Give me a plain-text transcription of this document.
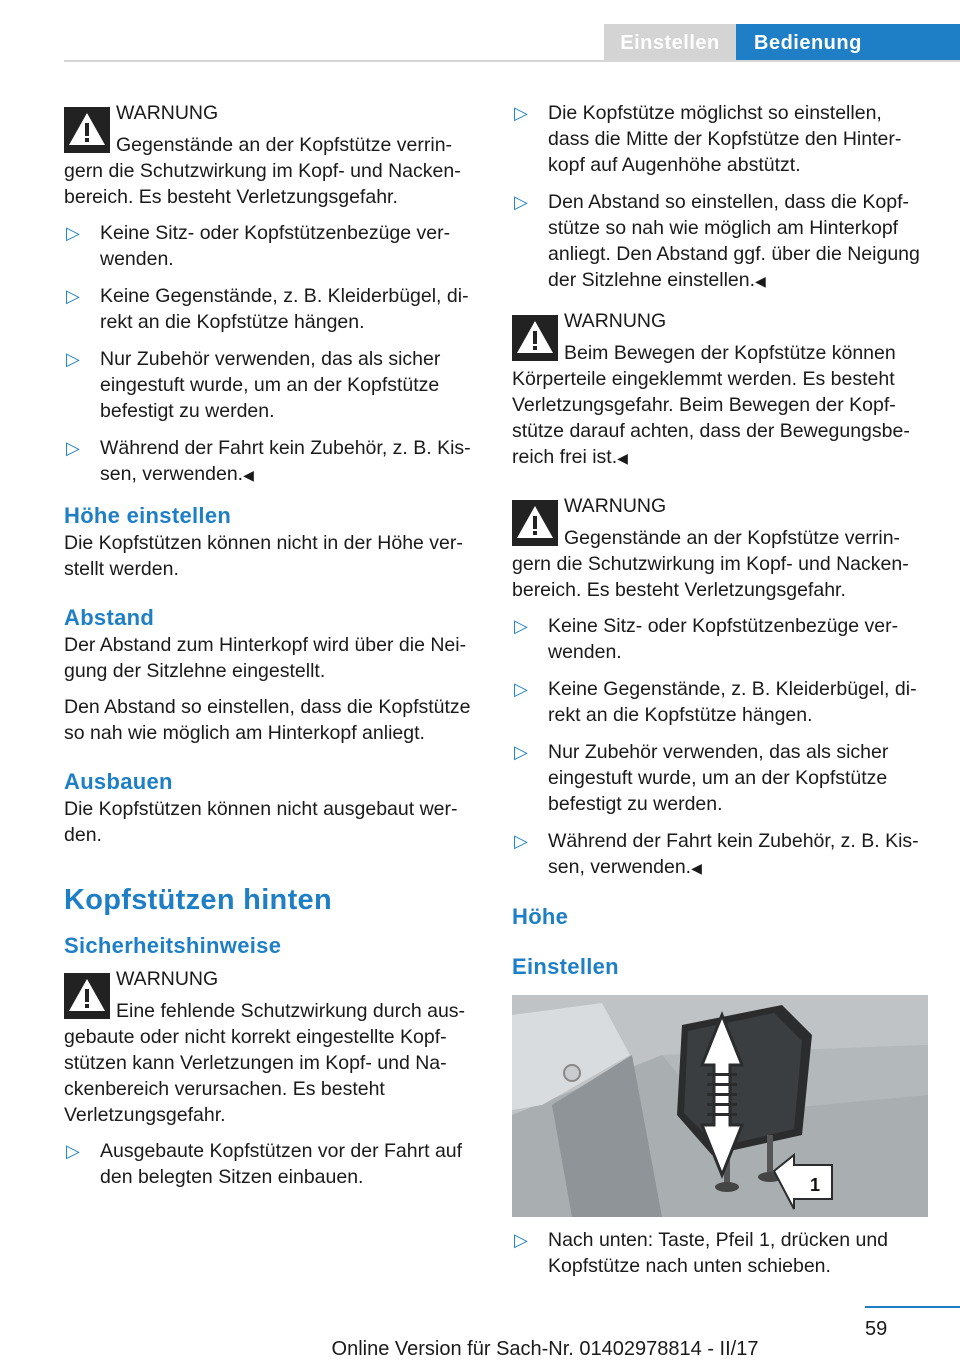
Einstellen	Bedienung
WARNUNG
Gegenstände an der Kopfstütze verringern die Schutzwirkung im Kopf- und Nackenbereich. Es besteht Verletzungsgefahr.
▷ Keine Sitz- oder Kopfstützenbezüge verwenden.
▷ Keine Gegenstände, z. B. Kleiderbügel, direkt an die Kopfstütze hängen.
▷ Nur Zubehör verwenden, das als sicher eingestuft wurde, um an der Kopfstütze befestigt zu werden.
▷ Während der Fahrt kein Zubehör, z. B. Kissen, verwenden.◀
Höhe einstellen
Die Kopfstützen können nicht in der Höhe verstellt werden.
Abstand
Der Abstand zum Hinterkopf wird über die Neigung der Sitzlehne eingestellt.
Den Abstand so einstellen, dass die Kopfstütze so nah wie möglich am Hinterkopf anliegt.
Ausbauen
Die Kopfstützen können nicht ausgebaut werden.
Kopfstützen hinten
Sicherheitshinweise
WARNUNG
Eine fehlende Schutzwirkung durch ausgebaute oder nicht korrekt eingestellte Kopfstützen kann Verletzungen im Kopf- und Nackenbereich verursachen. Es besteht Verletzungsgefahr.
▷ Ausgebaute Kopfstützen vor der Fahrt auf den belegten Sitzen einbauen.
▷ Die Kopfstütze möglichst so einstellen, dass die Mitte der Kopfstütze den Hinterkopf auf Augenhöhe abstützt.
▷ Den Abstand so einstellen, dass die Kopfstütze so nah wie möglich am Hinterkopf anliegt. Den Abstand ggf. über die Neigung der Sitzlehne einstellen.◀
WARNUNG
Beim Bewegen der Kopfstütze können Körperteile eingeklemmt werden. Es besteht Verletzungsgefahr. Beim Bewegen der Kopfstütze darauf achten, dass der Bewegungsbereich frei ist.◀
WARNUNG
Gegenstände an der Kopfstütze verringern die Schutzwirkung im Kopf- und Nackenbereich. Es besteht Verletzungsgefahr.
▷ Keine Sitz- oder Kopfstützenbezüge verwenden.
▷ Keine Gegenstände, z. B. Kleiderbügel, direkt an die Kopfstütze hängen.
▷ Nur Zubehör verwenden, das als sicher eingestuft wurde, um an der Kopfstütze befestigt zu werden.
▷ Während der Fahrt kein Zubehör, z. B. Kissen, verwenden.◀
Höhe
Einstellen
1
▷ Nach unten: Taste, Pfeil 1, drücken und Kopfstütze nach unten schieben.
59
Online Version für Sach-Nr. 01402978814 - II/17
